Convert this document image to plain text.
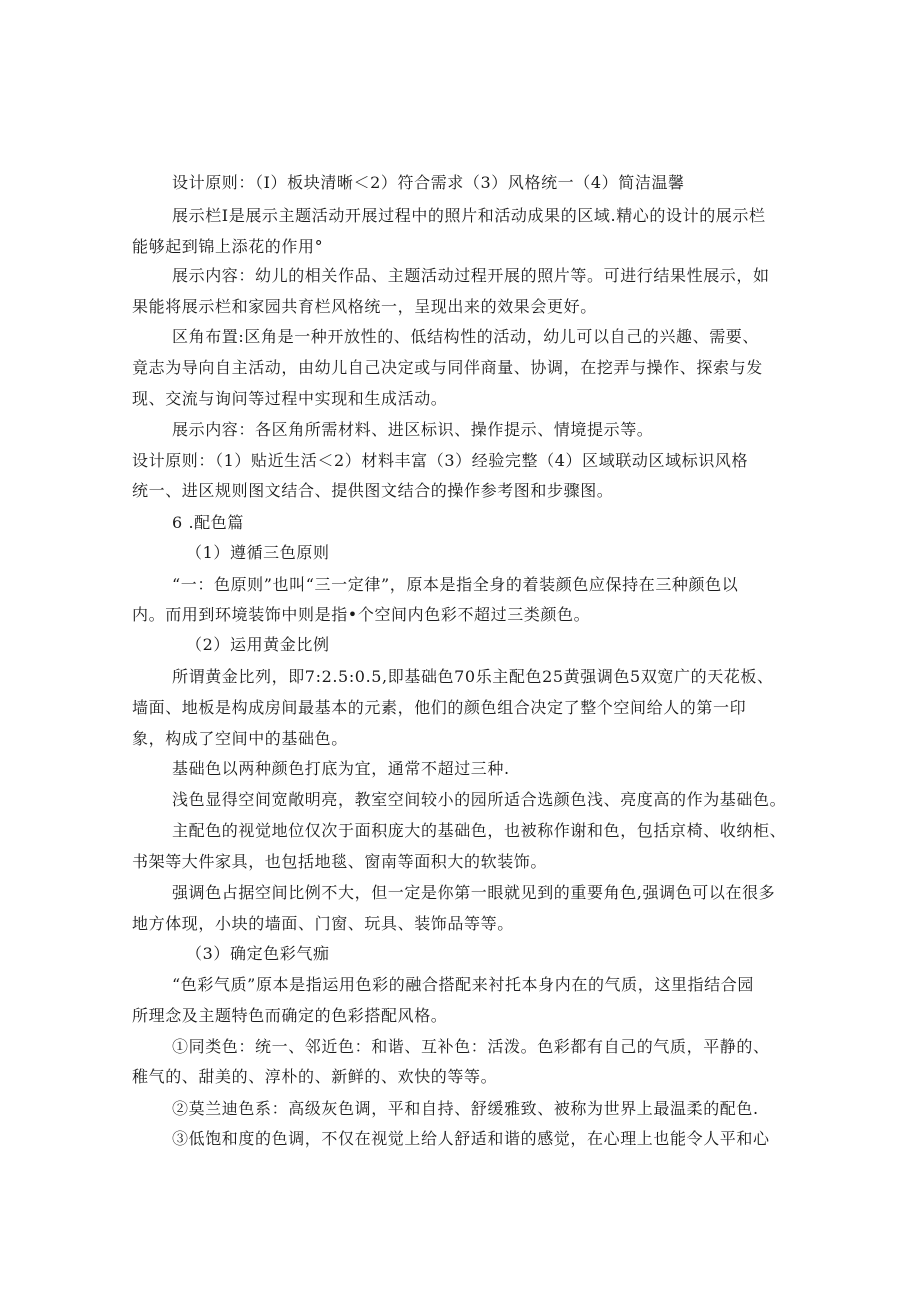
设计原则：（I）板块清晰＜2）符合需求（3）风格统一（4）简洁温馨
展示栏I是展示主题活动开展过程中的照片和活动成果的区域.精心的设计的展示栏
能够起到锦上添花的作用°
展示内容：幼儿的相关作品、主题活动过程开展的照片等。可进行结果性展示，如
果能将展示栏和家园共育栏风格统一，呈现出来的效果会更好。
区角布置:区角是一种开放性的、低结构性的活动，幼儿可以自己的兴趣、需要、
竟志为导向自主活动，由幼儿自己决定或与同伴商量、协调，在挖弄与操作、探索与发
现、交流与询问等过程中实现和生成活动。
展示内容：各区角所需材料、进区标识、操作提示、情境提示等。
设计原则：（1）贴近生活＜2）材料丰富（3）经验完整（4）区域联动区域标识风格
统一、进区规则图文结合、提供图文结合的操作参考图和步骤图。
6 .配色篇
（1）遵循三色原则
“一：色原则”也叫“三一定律”，原本是指全身的着装颜色应保持在三种颜色以
内。而用到环境装饰中则是指•个空间内色彩不超过三类颜色。
（2）运用黄金比例
所谓黄金比列，即7:2.5:0.5,即基础色70乐主配色25黄强调色5双宽广的天花板、
墙面、地板是构成房间最基本的元素，他们的颜色组合决定了整个空间给人的第一印
象，构成了空间中的基础色。
基础色以两种颜色打底为宜，通常不超过三种.
浅色显得空间宽敞明亮，教室空间较小的园所适合选颜色浅、亮度高的作为基础色。
主配色的视觉地位仅次于面积庞大的基础色，也被称作谢和色，包括京椅、收纳柜、
书架等大件家具，也包括地毯、窗南等面积大的软装饰。
强调色占据空间比例不大，但一定是你第一眼就见到的重要角色,强调色可以在很多
地方体现，小块的墙面、门窗、玩具、装饰品等等。
（3）确定色彩气痂
“色彩气质”原本是指运用色彩的融合搭配来衬托本身内在的气质，这里指结合园
所理念及主题特色而确定的色彩搭配风格。
①同类色：统一、邻近色：和谐、互补色：活泼。色彩都有自己的气质，平静的、
稚气的、甜美的、淳朴的、新鲜的、欢快的等等。
②莫兰迪色系：高级灰色调，平和自持、舒缓雅致、被称为世界上最温柔的配色.
③低饱和度的色调，不仅在视觉上给人舒适和谐的感觉，在心理上也能令人平和心
